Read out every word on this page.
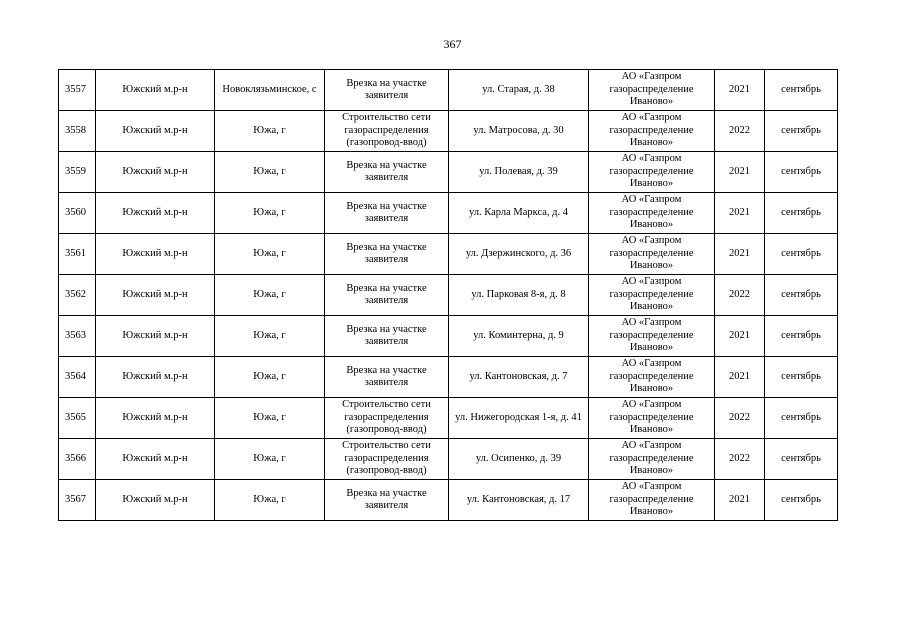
367
3557	Южский м.р-н	Новоклязьминское, с	Врезка на участке заявителя	ул. Старая, д. 38	АО «Газпром газораспределение Иваново»	2021	сентябрь
3558	Южский м.р-н	Южа, г	Строительство сети газораспределения (газопровод-ввод)	ул. Матросова, д. 30	АО «Газпром газораспределение Иваново»	2022	сентябрь
3559	Южский м.р-н	Южа, г	Врезка на участке заявителя	ул. Полевая, д. 39	АО «Газпром газораспределение Иваново»	2021	сентябрь
3560	Южский м.р-н	Южа, г	Врезка на участке заявителя	ул. Карла Маркса, д. 4	АО «Газпром газораспределение Иваново»	2021	сентябрь
3561	Южский м.р-н	Южа, г	Врезка на участке заявителя	ул. Дзержинского, д. 36	АО «Газпром газораспределение Иваново»	2021	сентябрь
3562	Южский м.р-н	Южа, г	Врезка на участке заявителя	ул. Парковая 8-я, д. 8	АО «Газпром газораспределение Иваново»	2022	сентябрь
3563	Южский м.р-н	Южа, г	Врезка на участке заявителя	ул. Коминтерна, д. 9	АО «Газпром газораспределение Иваново»	2021	сентябрь
3564	Южский м.р-н	Южа, г	Врезка на участке заявителя	ул. Кантоновская, д. 7	АО «Газпром газораспределение Иваново»	2021	сентябрь
3565	Южский м.р-н	Южа, г	Строительство сети газораспределения (газопровод-ввод)	ул. Нижегородская 1-я, д. 41	АО «Газпром газораспределение Иваново»	2022	сентябрь
3566	Южский м.р-н	Южа, г	Строительство сети газораспределения (газопровод-ввод)	ул. Осипенко, д. 39	АО «Газпром газораспределение Иваново»	2022	сентябрь
3567	Южский м.р-н	Южа, г	Врезка на участке заявителя	ул. Кантоновская, д. 17	АО «Газпром газораспределение Иваново»	2021	сентябрь
